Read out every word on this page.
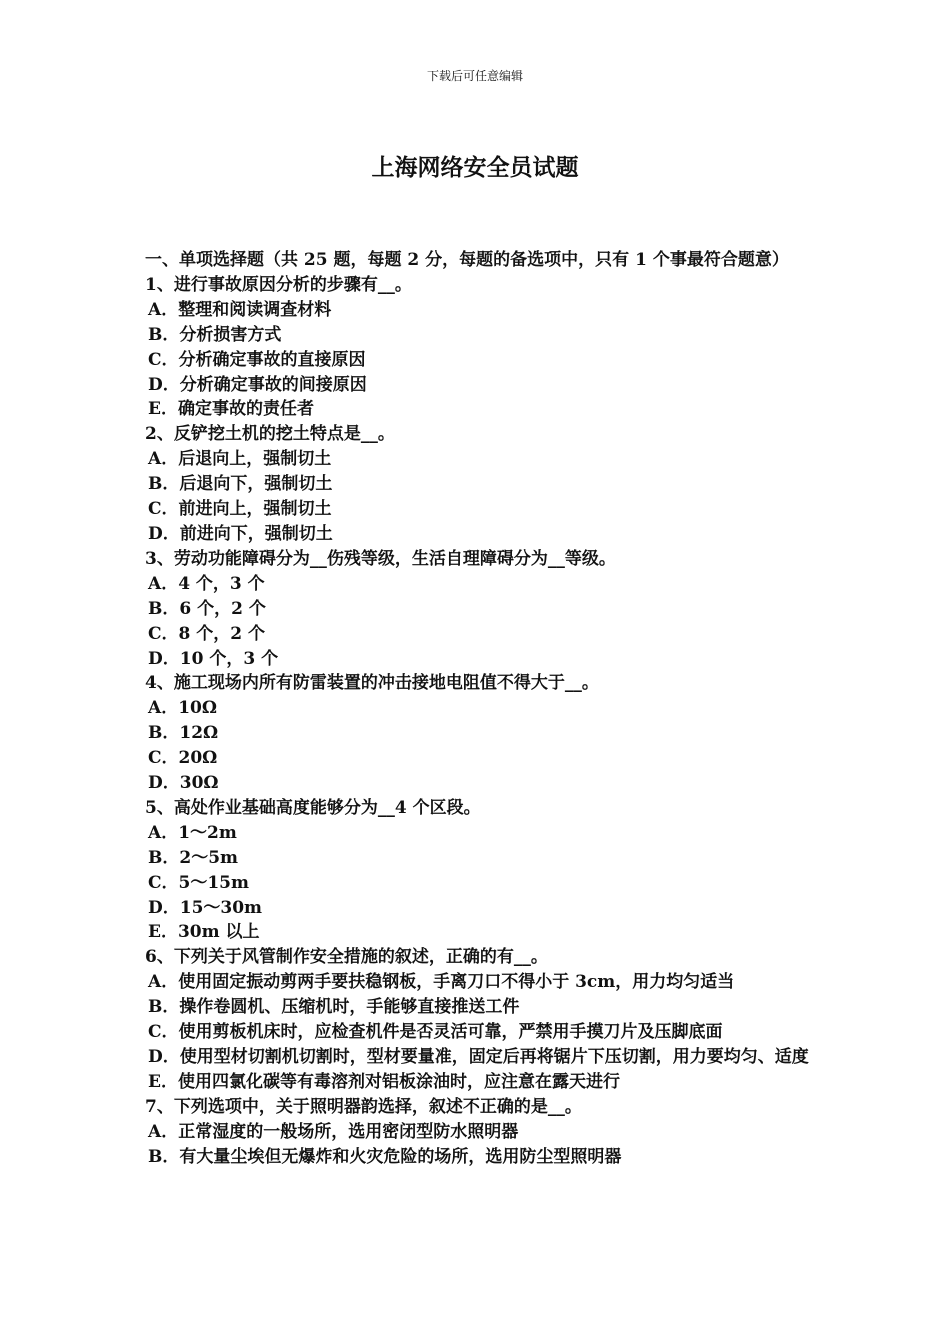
下载后可任意编辑
上海网络安全员试题
一、单项选择题（共 25 题，每题 2 分，每题的备选项中，只有 1 个事最符合题意）
1、进行事故原因分析的步骤有__。
A．整理和阅读调查材料
B．分析损害方式
C．分析确定事故的直接原因
D．分析确定事故的间接原因
E．确定事故的责任者
2、反铲挖土机的挖土特点是__。
A．后退向上，强制切土
B．后退向下，强制切土
C．前进向上，强制切土
D．前进向下，强制切土
3、劳动功能障碍分为__伤残等级，生活自理障碍分为__等级。
A．4 个，3 个
B．6 个，2 个
C．8 个，2 个
D．10 个，3 个
4、施工现场内所有防雷装置的冲击接地电阻值不得大于__。
A．10Ω
B．12Ω
C．20Ω
D．30Ω
5、高处作业基础高度能够分为__4 个区段。
A．1～2m
B．2～5m
C．5～15m
D．15～30m
E．30m 以上
6、下列关于风管制作安全措施的叙述，正确的有__。
A．使用固定振动剪两手要扶稳钢板，手离刀口不得小于 3cm，用力均匀适当
B．操作卷圆机、压缩机时，手能够直接推送工件
C．使用剪板机床时，应检查机件是否灵活可靠，严禁用手摸刀片及压脚底面
D．使用型材切割机切割时，型材要量准，固定后再将锯片下压切割，用力要均匀、适度
E．使用四氯化碳等有毒溶剂对铝板涂油时，应注意在露天进行
7、下列选项中，关于照明器韵选择，叙述不正确的是__。
A．正常湿度的一般场所，选用密闭型防水照明器
B．有大量尘埃但无爆炸和火灾危险的场所，选用防尘型照明器
